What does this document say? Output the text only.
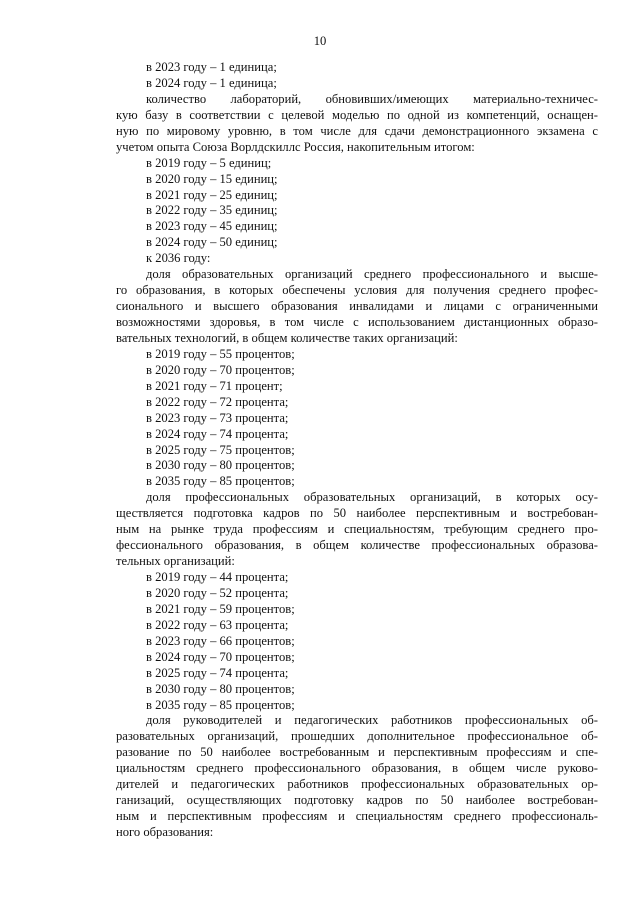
10
в 2023 году – 1 единица;
в 2024 году – 1 единица;
количество лабораторий, обновивших/имеющих материально-техничес-
кую базу в соответствии с целевой моделью по одной из компетенций, оснащен-
ную по мировому уровню, в том числе для сдачи демонстрационного экзамена с
учетом опыта Союза Ворлдскиллс Россия, накопительным итогом:
в 2019 году – 5 единиц;
в 2020 году – 15 единиц;
в 2021 году – 25 единиц;
в 2022 году – 35 единиц;
в 2023 году – 45 единиц;
в 2024 году – 50 единиц;
к 2036 году:
доля образовательных организаций среднего профессионального и высше-
го образования, в которых обеспечены условия для получения среднего профес-
сионального и высшего образования инвалидами и лицами с ограниченными
возможностями здоровья, в том числе с использованием дистанционных образо-
вательных технологий, в общем количестве таких организаций:
в 2019 году – 55 процентов;
в 2020 году – 70 процентов;
в 2021 году – 71 процент;
в 2022 году – 72 процента;
в 2023 году – 73 процента;
в 2024 году – 74 процента;
в 2025 году – 75 процентов;
в 2030 году – 80 процентов;
в 2035 году – 85 процентов;
доля профессиональных образовательных организаций, в которых осу-
ществляется подготовка кадров по 50 наиболее перспективным и востребован-
ным на рынке труда профессиям и специальностям, требующим среднего про-
фессионального образования, в общем количестве профессиональных образова-
тельных организаций:
в 2019 году – 44 процента;
в 2020 году – 52 процента;
в 2021 году – 59 процентов;
в 2022 году – 63 процента;
в 2023 году – 66 процентов;
в 2024 году – 70 процентов;
в 2025 году – 74 процента;
в 2030 году – 80 процентов;
в 2035 году – 85 процентов;
доля руководителей и педагогических работников профессиональных об-
разовательных организаций, прошедших дополнительное профессиональное об-
разование по 50 наиболее востребованным и перспективным профессиям и спе-
циальностям среднего профессионального образования, в общем числе руково-
дителей и педагогических работников профессиональных образовательных ор-
ганизаций, осуществляющих подготовку кадров по 50 наиболее востребован-
ным и перспективным профессиям и специальностям среднего профессиональ-
ного образования:
